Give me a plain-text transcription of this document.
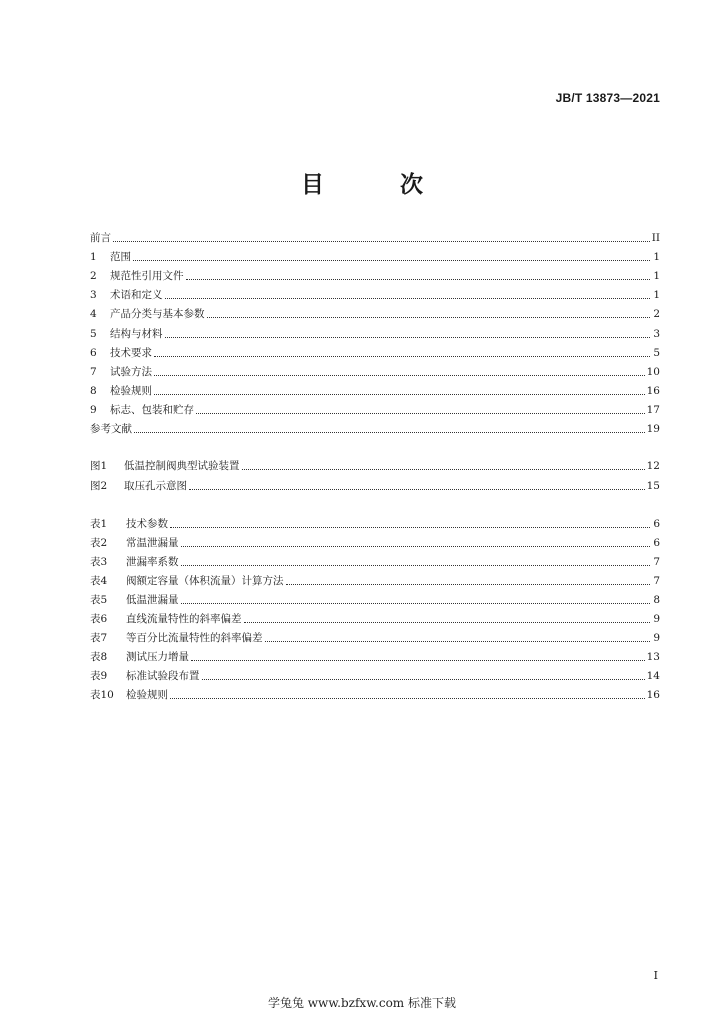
JB/T 13873—2021
目 次
前言	II
1	范围	1
2	规范性引用文件	1
3	术语和定义	1
4	产品分类与基本参数	2
5	结构与材料	3
6	技术要求	5
7	试验方法	10
8	检验规则	16
9	标志、包装和贮存	17
参考文献	19
图1	低温控制阀典型试验装置	12
图2	取压孔示意图	15
表1	技术参数	6
表2	常温泄漏量	6
表3	泄漏率系数	7
表4	阀额定容量（体积流量）计算方法	7
表5	低温泄漏量	8
表6	直线流量特性的斜率偏差	9
表7	等百分比流量特性的斜率偏差	9
表8	测试压力增量	13
表9	标准试验段布置	14
表10	检验规则	16
I
学兔兔 www.bzfxw.com 标准下载
